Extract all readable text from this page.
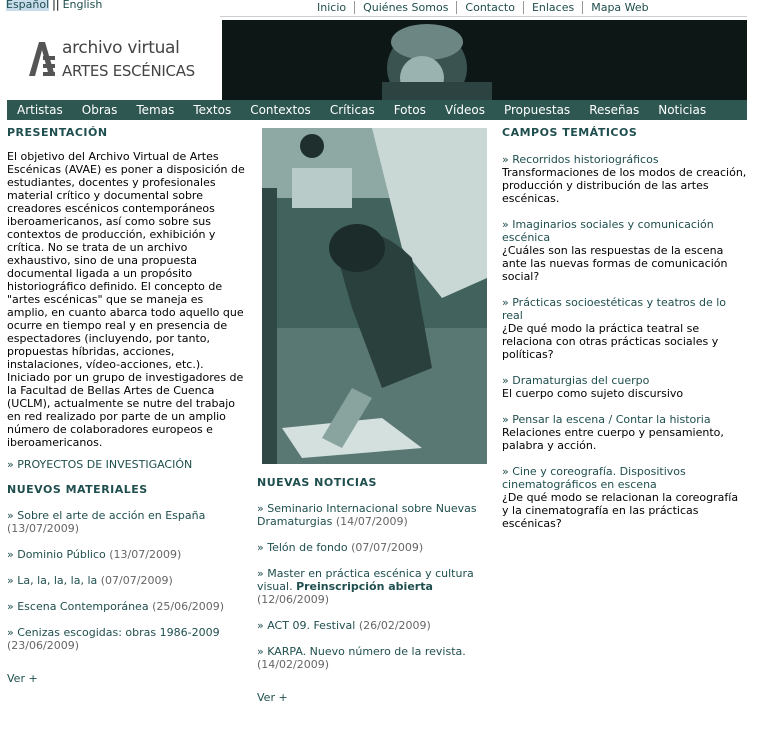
Español || English	Inicio	Quiénes Somos	Contacto	Enlaces	Mapa Web
archivo virtual
ARTES ESCÉNICAS
Artistas Obras Temas Textos Contextos Críticas Fotos Vídeos Propuestas Reseñas Noticias
PRESENTACIÓN

El objetivo del Archivo Virtual de Artes Escénicas (AVAE) es poner a disposición de estudiantes, docentes y profesionales material crítico y documental sobre creadores escénicos contemporáneos iberoamericanos, así como sobre sus contextos de producción, exhibición y crítica. No se trata de un archivo exhaustivo, sino de una propuesta documental ligada a un propósito historiográfico definido. El concepto de "artes escénicas" que se maneja es amplio, en cuanto abarca todo aquello que ocurre en tiempo real y en presencia de espectadores (incluyendo, por tanto, propuestas híbridas, acciones, instalaciones, vídeo-acciones, etc.). Iniciado por un grupo de investigadores de la Facultad de Bellas Artes de Cuenca (UCLM), actualmente se nutre del trabajo en red realizado por parte de un amplio número de colaboradores europeos e iberoamericanos.

» PROYECTOS DE INVESTIGACIÓN
NUEVOS MATERIALES
» Sobre el arte de acción en España
(13/07/2009)
» Dominio Público (13/07/2009)
» La, la, la, la, la (07/07/2009)
» Escena Contemporánea (25/06/2009)
» Cenizas escogidas: obras 1986-2009
(23/06/2009)
Ver +
NUEVAS NOTICIAS
» Seminario Internacional sobre Nuevas Dramaturgias (14/07/2009)
» Telón de fondo (07/07/2009)
» Master en práctica escénica y cultura visual. Preinscripción abierta
(12/06/2009)
» ACT 09. Festival (26/02/2009)
» KARPA. Nuevo número de la revista.
(14/02/2009)
Ver +
CAMPOS TEMÁTICOS
» Recorridos historiográficos
Transformaciones de los modos de creación, producción y distribución de las artes escénicas.
» Imaginarios sociales y comunicación escénica
¿Cuáles son las respuestas de la escena ante las nuevas formas de comunicación social?
» Prácticas socioestéticas y teatros de lo real
¿De qué modo la práctica teatral se relaciona con otras prácticas sociales y políticas?
» Dramaturgias del cuerpo
El cuerpo como sujeto discursivo
» Pensar la escena / Contar la historia
Relaciones entre cuerpo y pensamiento, palabra y acción.
» Cine y coreografía. Dispositivos cinematográficos en escena
¿De qué modo se relacionan la coreografía y la cinematografía en las prácticas escénicas?
